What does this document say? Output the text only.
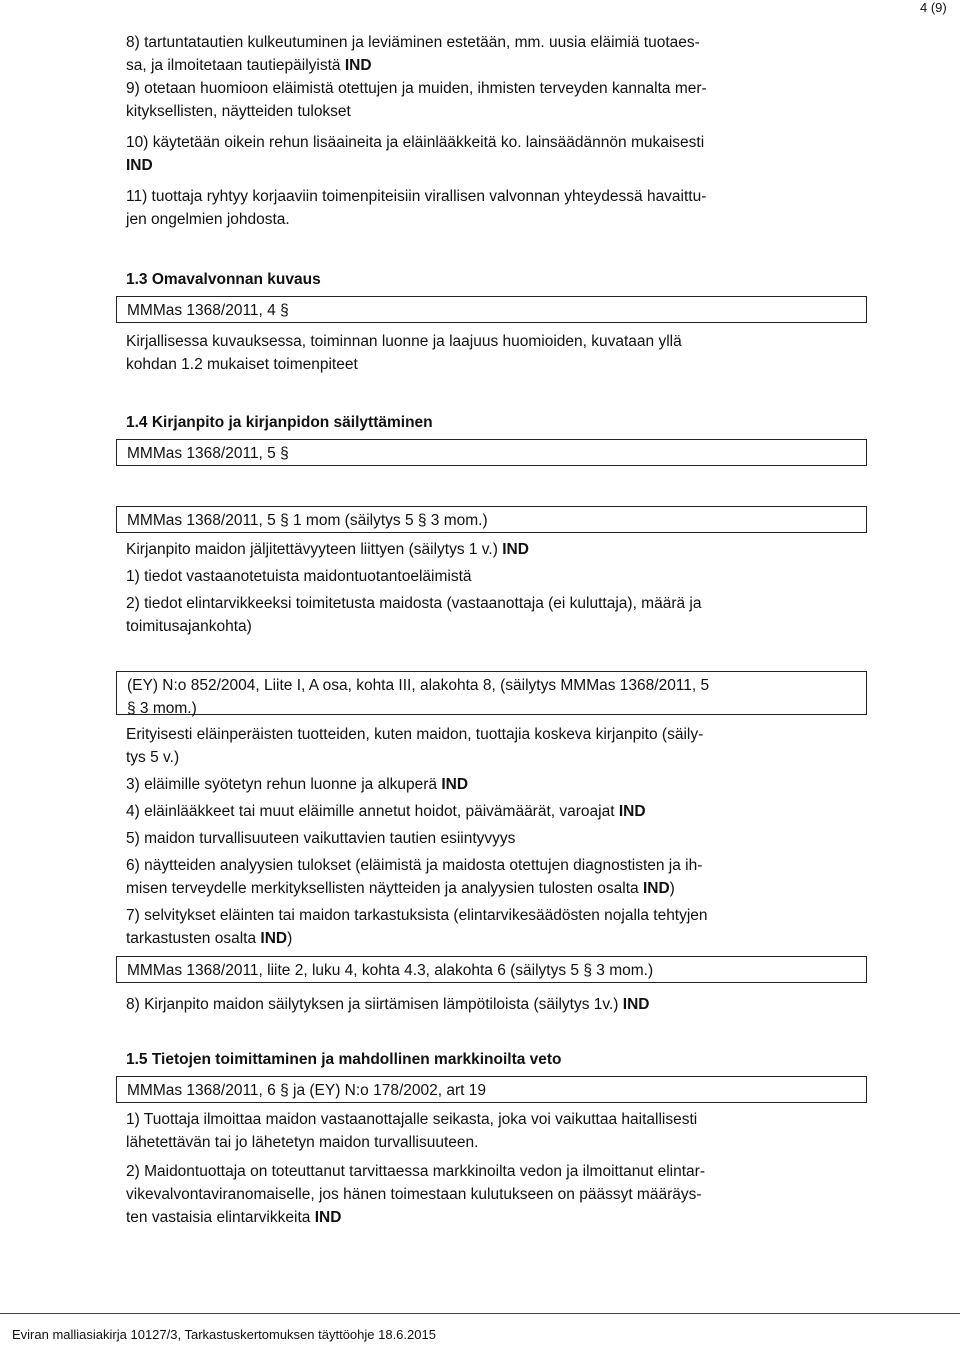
4 (9)

8) tartuntatautien kulkeutuminen ja leviäminen estetään, mm. uusia eläimiä tuotaes-

sa, ja ilmoitetaan tautiepäilyistä IND

9) otetaan huomioon eläimistä otettujen ja muiden, ihmisten terveyden kannalta mer-

kityksellisten, näytteiden tulokset

10) käytetään oikein rehun lisäaineita ja eläinlääkkeitä ko. lainsäädännön mukaisesti

IND

11) tuottaja ryhtyy korjaaviin toimenpiteisiin virallisen valvonnan yhteydessä havaittu-

jen ongelmien johdosta.

1.3 Omavalvonnan kuvaus
MMMas 1368/2011, 4 §

Kirjallisessa kuvauksessa, toiminnan luonne ja laajuus huomioiden, kuvataan yllä

kohdan 1.2 mukaiset toimenpiteet

1.4 Kirjanpito ja kirjanpidon säilyttäminen
MMMas 1368/2011, 5 §
MMMas 1368/2011, 5 § 1 mom (säilytys 5 § 3 mom.)

Kirjanpito maidon jäljitettävyyteen liittyen (säilytys 1 v.) IND

1) tiedot vastaanotetuista maidontuotantoeläimistä

2) tiedot elintarvikkeeksi toimitetusta maidosta (vastaanottaja (ei kuluttaja), määrä ja

toimitusajankohta)

(EY) N:o 852/2004, Liite I, A osa, kohta III, alakohta 8, (säilytys MMMas 1368/2011, 5
§ 3 mom.)

Erityisesti eläinperäisten tuotteiden, kuten maidon, tuottajia koskeva kirjanpito (säily-

tys 5 v.)

3) eläimille syötetyn rehun luonne ja alkuperä IND

4) eläinlääkkeet tai muut eläimille annetut hoidot, päivämäärät, varoajat IND

5) maidon turvallisuuteen vaikuttavien tautien esiintyvyys

6) näytteiden analyysien tulokset (eläimistä ja maidosta otettujen diagnostisten ja ih-

misen terveydelle merkityksellisten näytteiden ja analyysien tulosten osalta IND)

7) selvitykset eläinten tai maidon tarkastuksista (elintarvikesäädösten nojalla tehtyjen

tarkastusten osalta IND)

MMMas 1368/2011, liite 2, luku 4, kohta 4.3, alakohta 6 (säilytys 5 § 3 mom.)

8) Kirjanpito maidon säilytyksen ja siirtämisen lämpötiloista (säilytys 1v.) IND

1.5 Tietojen toimittaminen ja mahdollinen markkinoilta veto
MMMas 1368/2011, 6 § ja (EY) N:o 178/2002, art 19

1) Tuottaja ilmoittaa maidon vastaanottajalle seikasta, joka voi vaikuttaa haitallisesti

lähetettävän tai jo lähetetyn maidon turvallisuuteen.

2) Maidontuottaja on toteuttanut tarvittaessa markkinoilta vedon ja ilmoittanut elintar-

vikevalvontaviranomaiselle, jos hänen toimestaan kulutukseen on päässyt määräys-

ten vastaisia elintarvikkeita IND

Eviran malliasiakirja 10127/3, Tarkastuskertomuksen täyttöohje 18.6.2015
